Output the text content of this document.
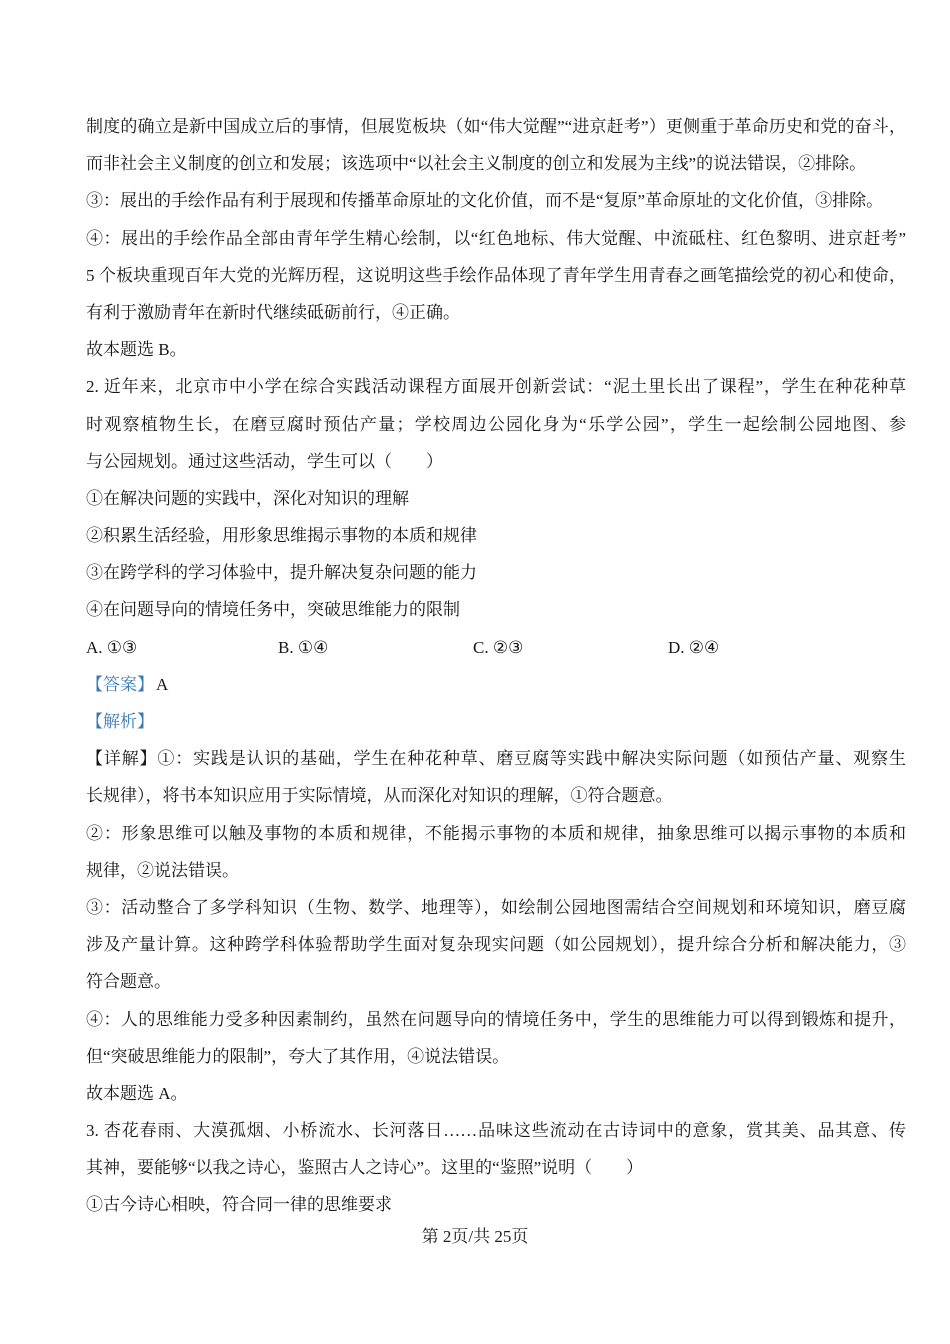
制度的确立是新中国成立后的事情，但展览板块（如“伟大觉醒”“进京赶考”）更侧重于革命历史和党的奋斗，
而非社会主义制度的创立和发展；该选项中“以社会主义制度的创立和发展为主线”的说法错误，②排除。
③：展出的手绘作品有利于展现和传播革命原址的文化价值，而不是“复原”革命原址的文化价值，③排除。
④：展出的手绘作品全部由青年学生精心绘制，以“红色地标、伟大觉醒、中流砥柱、红色黎明、进京赶考”
5 个板块重现百年大党的光辉历程，这说明这些手绘作品体现了青年学生用青春之画笔描绘党的初心和使命，
有利于激励青年在新时代继续砥砺前行，④正确。
故本题选 B。
2. 近年来，北京市中小学在综合实践活动课程方面展开创新尝试：“泥土里长出了课程”，学生在种花种草
时观察植物生长，在磨豆腐时预估产量；学校周边公园化身为“乐学公园”，学生一起绘制公园地图、参
与公园规划。通过这些活动，学生可以（　　）
①在解决问题的实践中，深化对知识的理解
②积累生活经验，用形象思维揭示事物的本质和规律
③在跨学科的学习体验中，提升解决复杂问题的能力
④在问题导向的情境任务中，突破思维能力的限制
A. ①③	B. ①④	C. ②③	D. ②④
【答案】 A
【解析】
【详解】①：实践是认识的基础，学生在种花种草、磨豆腐等实践中解决实际问题（如预估产量、观察生
长规律），将书本知识应用于实际情境，从而深化对知识的理解，①符合题意。
②：形象思维可以触及事物的本质和规律，不能揭示事物的本质和规律，抽象思维可以揭示事物的本质和
规律，②说法错误。
③：活动整合了多学科知识（生物、数学、地理等），如绘制公园地图需结合空间规划和环境知识，磨豆腐
涉及产量计算。这种跨学科体验帮助学生面对复杂现实问题（如公园规划），提升综合分析和解决能力，③
符合题意。
④：人的思维能力受多种因素制约，虽然在问题导向的情境任务中，学生的思维能力可以得到锻炼和提升，
但“突破思维能力的限制”，夸大了其作用，④说法错误。
故本题选 A。
3. 杏花春雨、大漠孤烟、小桥流水、长河落日……品味这些流动在古诗词中的意象，赏其美、品其意、传
其神，要能够“以我之诗心，鉴照古人之诗心”。这里的“鉴照”说明（　　）
①古今诗心相映，符合同一律的思维要求
第 2页/共 25页
